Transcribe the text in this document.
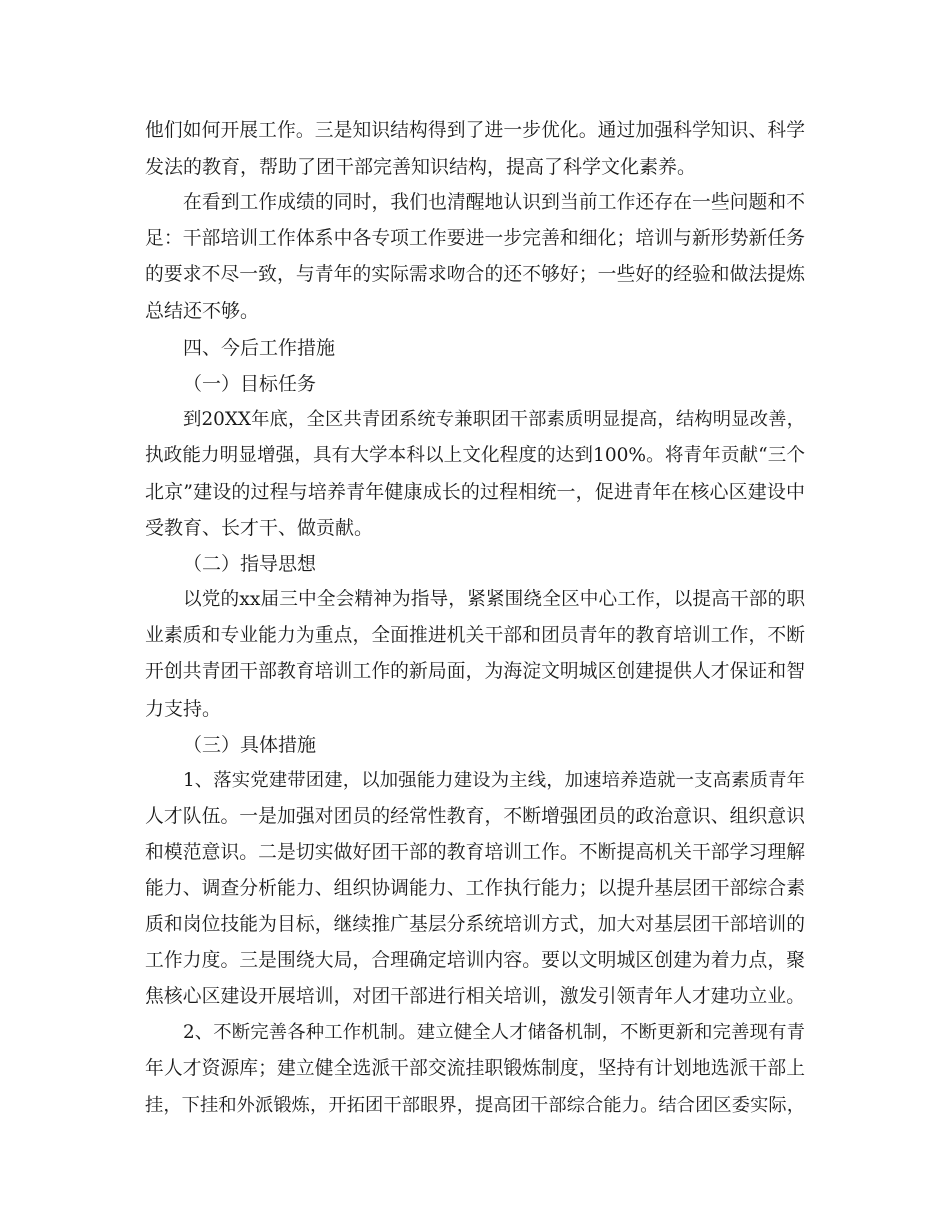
他们如何开展工作。三是知识结构得到了进一步优化。通过加强科学知识、科学
发法的教育，帮助了团干部完善知识结构，提高了科学文化素养。
在看到工作成绩的同时，我们也清醒地认识到当前工作还存在一些问题和不
足：干部培训工作体系中各专项工作要进一步完善和细化；培训与新形势新任务
的要求不尽一致，与青年的实际需求吻合的还不够好；一些好的经验和做法提炼
总结还不够。
四、今后工作措施
（一）目标任务
到20XX年底，全区共青团系统专兼职团干部素质明显提高，结构明显改善，
执政能力明显增强，具有大学本科以上文化程度的达到100%。将青年贡献“三个
北京”建设的过程与培养青年健康成长的过程相统一，促进青年在核心区建设中
受教育、长才干、做贡献。
（二）指导思想
以党的xx届三中全会精神为指导，紧紧围绕全区中心工作，以提高干部的职
业素质和专业能力为重点，全面推进机关干部和团员青年的教育培训工作，不断
开创共青团干部教育培训工作的新局面，为海淀文明城区创建提供人才保证和智
力支持。
（三）具体措施
1、落实党建带团建，以加强能力建设为主线，加速培养造就一支高素质青年
人才队伍。一是加强对团员的经常性教育，不断增强团员的政治意识、组织意识
和模范意识。二是切实做好团干部的教育培训工作。不断提高机关干部学习理解
能力、调查分析能力、组织协调能力、工作执行能力；以提升基层团干部综合素
质和岗位技能为目标，继续推广基层分系统培训方式，加大对基层团干部培训的
工作力度。三是围绕大局，合理确定培训内容。要以文明城区创建为着力点，聚
焦核心区建设开展培训，对团干部进行相关培训，激发引领青年人才建功立业。
2、不断完善各种工作机制。建立健全人才储备机制，不断更新和完善现有青
年人才资源库；建立健全选派干部交流挂职锻炼制度，坚持有计划地选派干部上
挂，下挂和外派锻炼，开拓团干部眼界，提高团干部综合能力。结合团区委实际，
